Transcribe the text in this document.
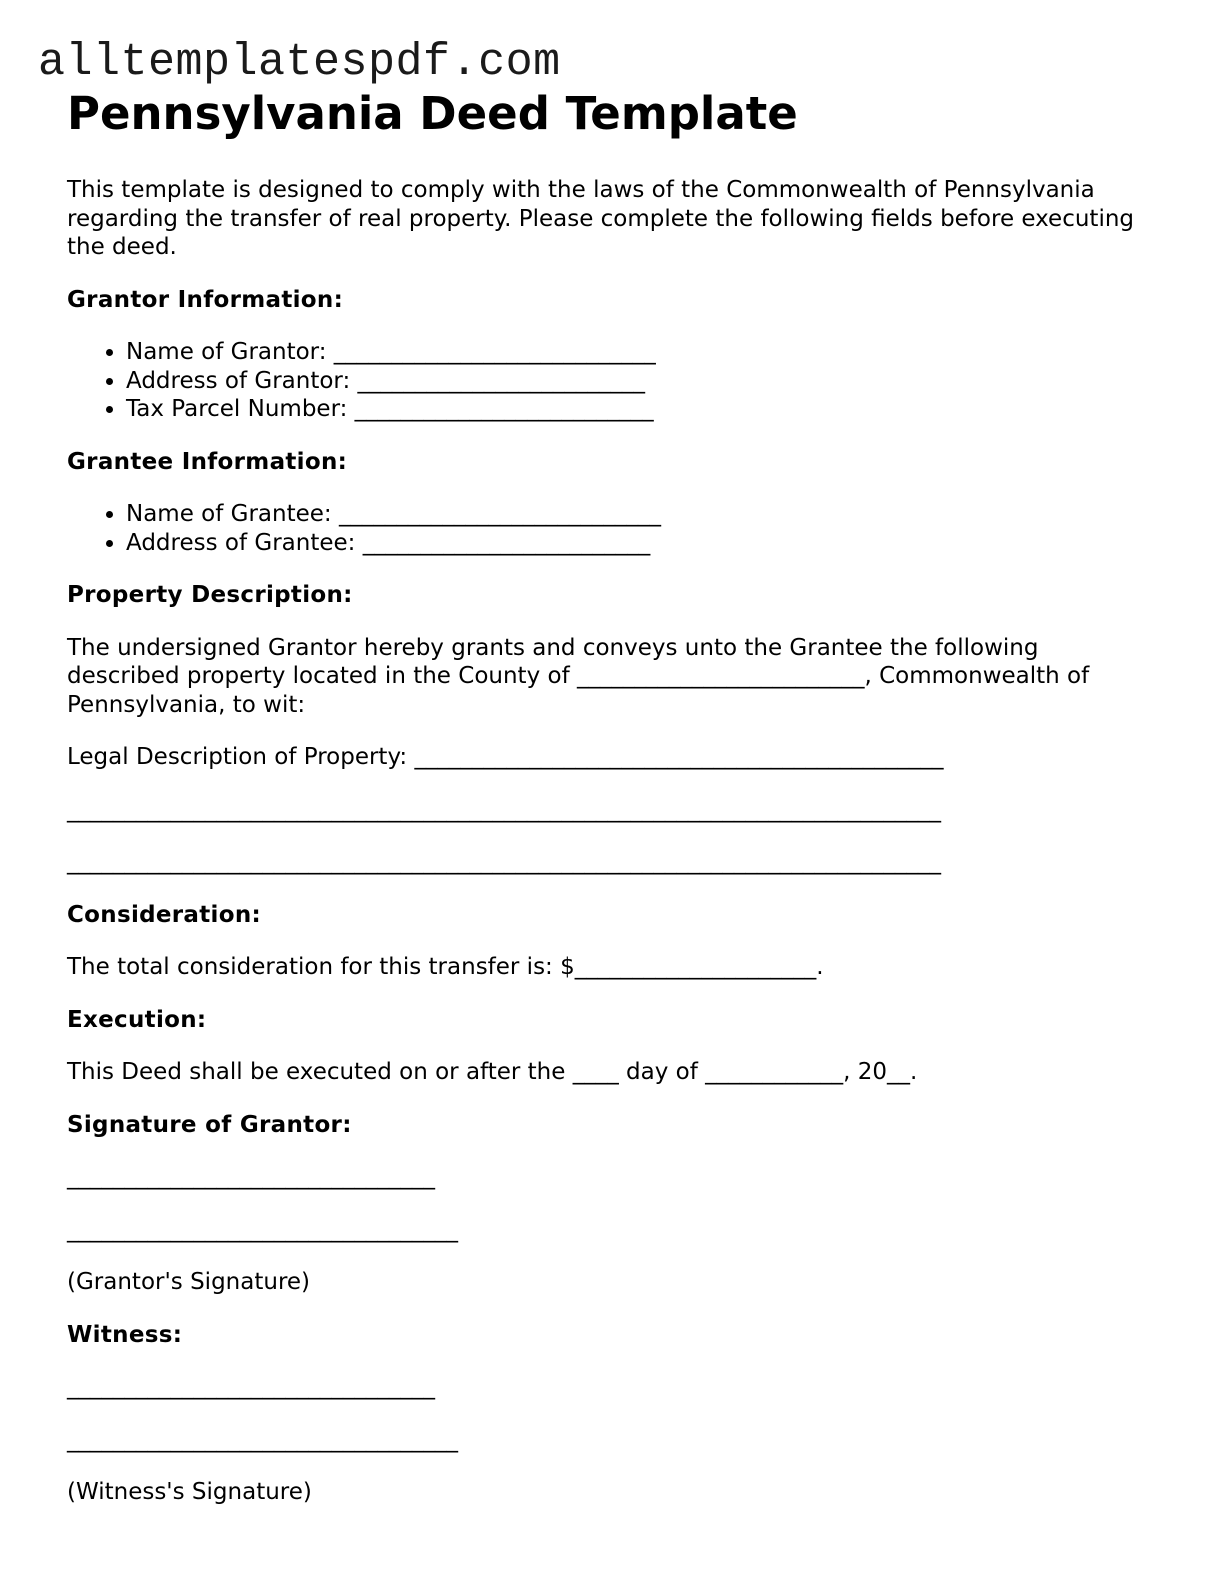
alltemplatespdf.com
Pennsylvania Deed Template

This template is designed to comply with the laws of the Commonwealth of Pennsylvania regarding the transfer of real property. Please complete the following fields before executing the deed.

Grantor Information:

• Name of Grantor: ____________________________
• Address of Grantor: _________________________
• Tax Parcel Number: __________________________

Grantee Information:

• Name of Grantee: ____________________________
• Address of Grantee: _________________________

Property Description:

The undersigned Grantor hereby grants and conveys unto the Grantee the following described property located in the County of _________________________, Commonwealth of Pennsylvania, to wit:

Legal Description of Property: ______________________________________________

____________________________________________________________________________

____________________________________________________________________________

Consideration:

The total consideration for this transfer is: $_____________________.

Execution:

This Deed shall be executed on or after the ____ day of ____________, 20__.

Signature of Grantor:

________________________________

__________________________________

(Grantor's Signature)

Witness:

________________________________

__________________________________

(Witness's Signature)
